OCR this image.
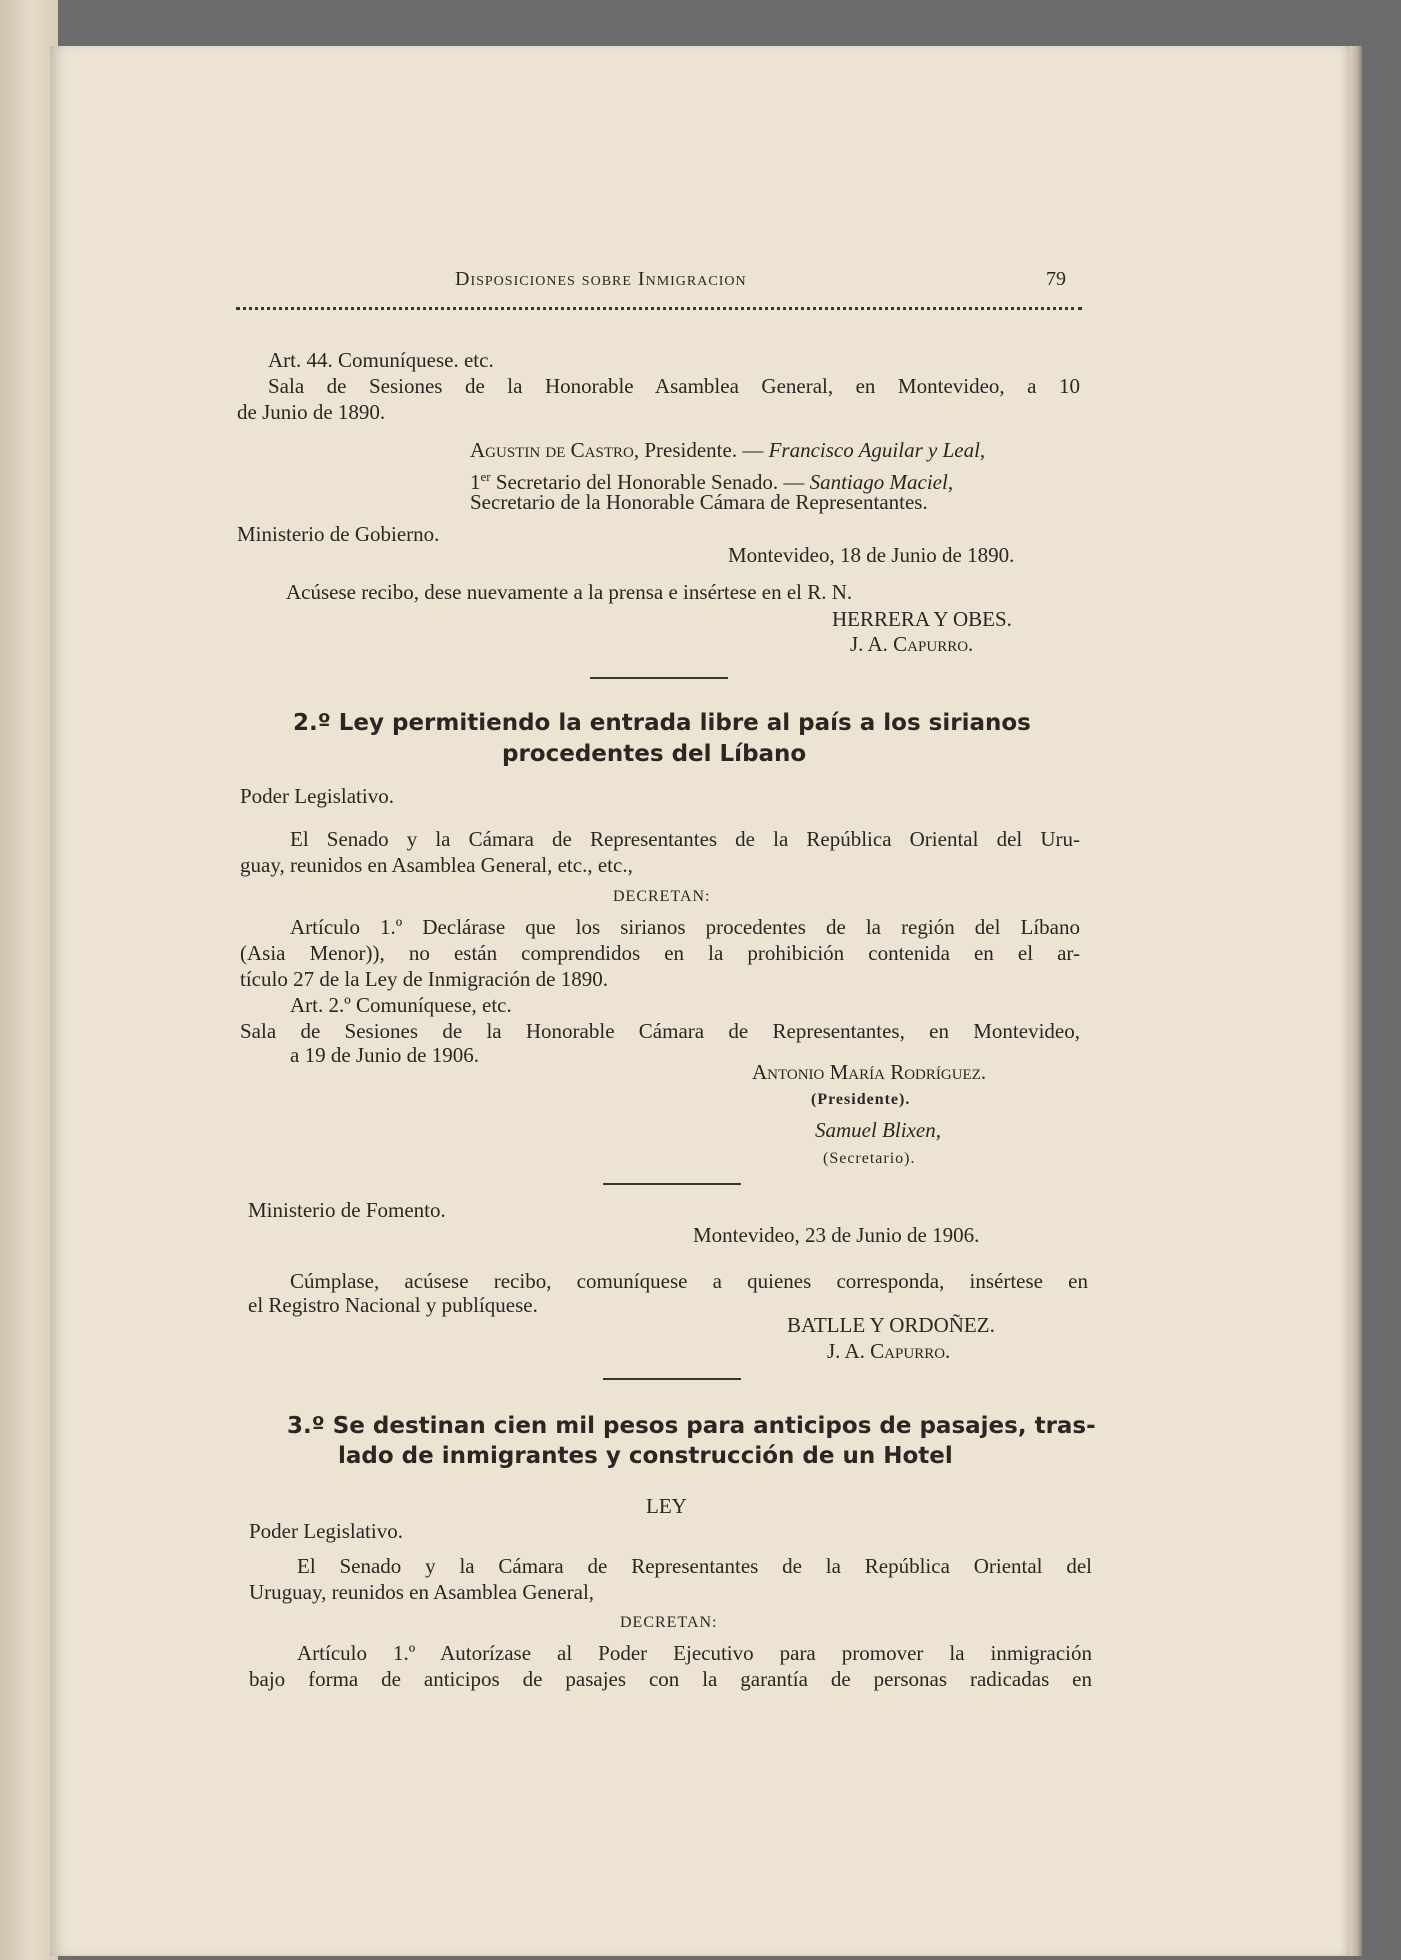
Disposiciones sobre Inmigracion	79
Art. 44. Comuníquese. etc.
Sala de Sesiones de la Honorable Asamblea General, en Montevideo, a 10
de Junio de 1890.
Agustin de Castro, Presidente. — Francisco Aguilar y Leal,
1er Secretario del Honorable Senado. — Santiago Maciel,
Secretario de la Honorable Cámara de Representantes.
Ministerio de Gobierno.
Montevideo, 18 de Junio de 1890.
Acúsese recibo, dese nuevamente a la prensa e insértese en el R. N.
HERRERA Y OBES.
J. A. Capurro.
2.º Ley permitiendo la entrada libre al país a los sirianos
procedentes del Líbano
Poder Legislativo.
El Senado y la Cámara de Representantes de la República Oriental del Uru-
guay, reunidos en Asamblea General, etc., etc.,
DECRETAN:
Artículo 1.º Declárase que los sirianos procedentes de la región del Líbano
(Asia Menor)), no están comprendidos en la prohibición contenida en el ar-
tículo 27 de la Ley de Inmigración de 1890.
Art. 2.º Comuníquese, etc.
Sala de Sesiones de la Honorable Cámara de Representantes, en Montevideo,
a 19 de Junio de 1906.
Antonio María Rodríguez.
(Presidente).
Samuel Blixen,
(Secretario).
Ministerio de Fomento.
Montevideo, 23 de Junio de 1906.
Cúmplase, acúsese recibo, comuníquese a quienes corresponda, insértese en
el Registro Nacional y publíquese.
BATLLE Y ORDOÑEZ.
J. A. Capurro.
3.º Se destinan cien mil pesos para anticipos de pasajes, tras-
lado de inmigrantes y construcción de un Hotel
LEY
Poder Legislativo.
El Senado y la Cámara de Representantes de la República Oriental del
Uruguay, reunidos en Asamblea General,
DECRETAN:
Artículo 1.º Autorízase al Poder Ejecutivo para promover la inmigración
bajo forma de anticipos de pasajes con la garantía de personas radicadas en
